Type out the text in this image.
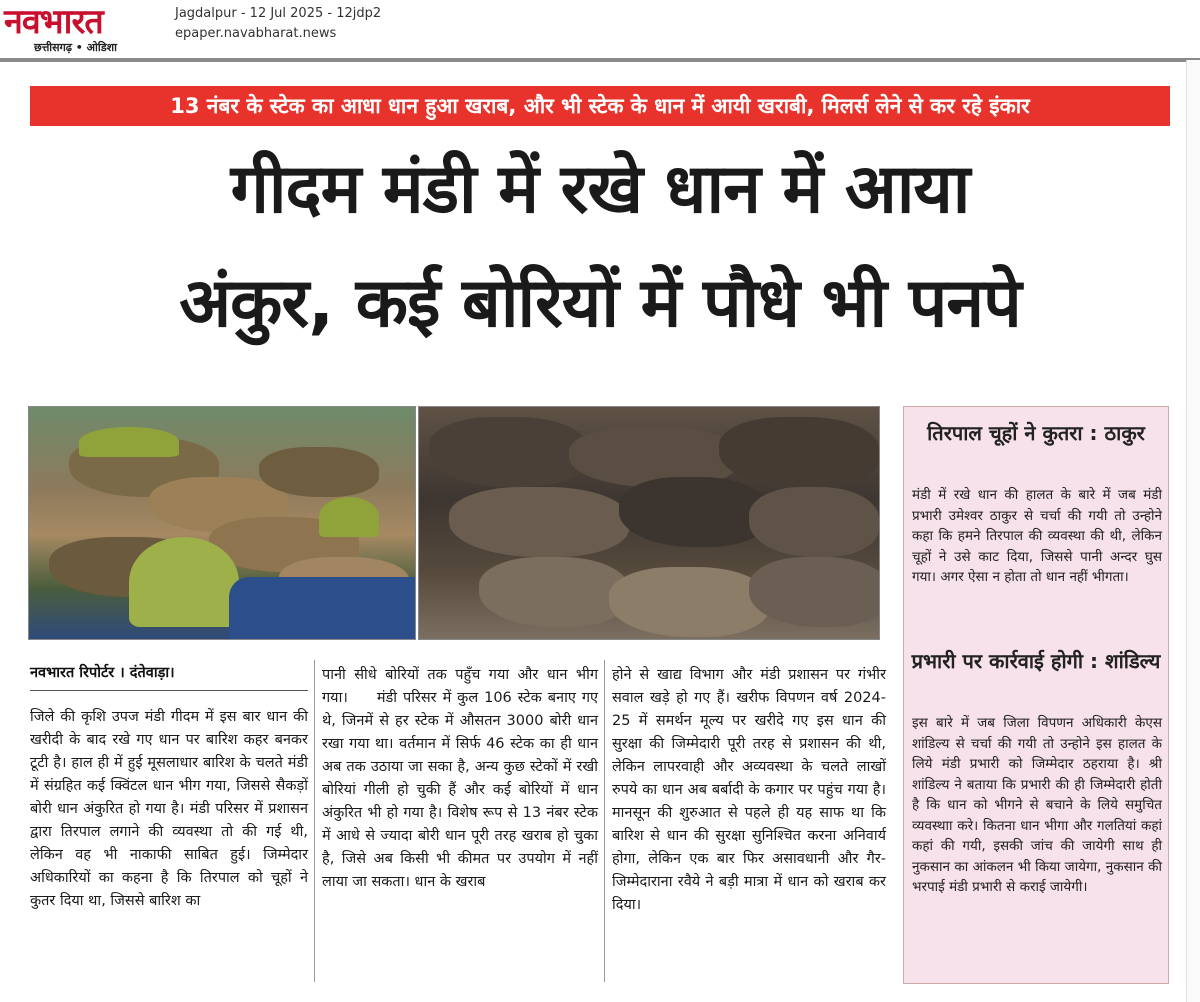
नवभारत
छत्तीसगढ़ • ओडिशा
Jagdalpur - 12 Jul 2025 - 12jdp2
epaper.navabharat.news
13 नंबर के स्टेक का आधा धान हुआ खराब, और भी स्टेक के धान में आयी खराबी, मिलर्स लेने से कर रहे इंकार
गीदम मंडी में रखे धान में आया
अंकुर, कई बोरियों में पौधे भी पनपे
तिरपाल चूहों ने कुतरा : ठाकुर
मंडी में रखे धान की हालत के बारे में जब मंडी प्रभारी उमेश्वर ठाकुर से चर्चा की गयी तो उन्होने कहा कि हमने तिरपाल की व्यवस्था की थी, लेकिन चूहों ने उसे काट दिया, जिससे पानी अन्दर घुस गया। अगर ऐसा न होता तो धान नहीं भीगता।
प्रभारी पर कार्रवाई होगी : शांडिल्य
इस बारे में जब जिला विपणन अधिकारी केएस शांडिल्य से चर्चा की गयी तो उन्होने इस हालत के लिये मंडी प्रभारी को जिम्मेदार ठहराया है। श्री शांडिल्य ने बताया कि प्रभारी की ही जिम्मेदारी होती है कि धान को भीगने से बचाने के लिये समुचित व्यवस्थाा करे। कितना धान भीगा और गलतियां कहां कहां की गयी, इसकी जांच की जायेगी साथ ही नुकसान का आंकलन भी किया जायेगा, नुकसान की भरपाई मंडी प्रभारी से कराई जायेगी।
नवभारत रिपोर्टर । दंतेवाड़ा।
जिले की कृशि उपज मंडी गीदम में इस बार धान की खरीदी के बाद रखे गए धान पर बारिश कहर बनकर टूटी है। हाल ही में हुई मूसलाधार बारिश के चलते मंडी में संग्रहित कई क्विंटल धान भीग गया, जिससे सैकड़ों बोरी धान अंकुरित हो गया है। मंडी परिसर में प्रशासन द्वारा तिरपाल लगाने की व्यवस्था तो की गई थी, लेकिन वह भी नाकाफी साबित हुई। जिम्मेदार अधिकारियों का कहना है कि तिरपाल को चूहों ने कुतर दिया था, जिससे बारिश का
पानी सीधे बोरियों तक पहुँच गया और धान भीग गया।  मंडी परिसर में कुल 106 स्टेक बनाए गए थे, जिनमें से हर स्टेक में औसतन 3000 बोरी धान रखा गया था। वर्तमान में सिर्फ 46 स्टेक का ही धान अब तक उठाया जा सका है, अन्य कुछ स्टेकों में रखी बोरियां गीली हो चुकी हैं और कई बोरियों में धान अंकुरित भी हो गया है। विशेष रूप से 13 नंबर स्टेक में आधे से ज्यादा बोरी धान पूरी तरह खराब हो चुका है, जिसे अब किसी भी कीमत पर उपयोग में नहीं लाया जा सकता। धान के खराब
होने से खाद्य विभाग और मंडी प्रशासन पर गंभीर सवाल खड़े हो गए हैं। खरीफ विपणन वर्ष 2024-25 में समर्थन मूल्य पर खरीदे गए इस धान की सुरक्षा की जिम्मेदारी पूरी तरह से प्रशासन की थी, लेकिन लापरवाही और अव्यवस्था के चलते लाखों रुपये का धान अब बर्बादी के कगार पर पहुंच गया है। मानसून की शुरुआत से पहले ही यह साफ था कि बारिश से धान की सुरक्षा सुनिश्चित करना अनिवार्य होगा, लेकिन एक बार फिर असावधानी और गैर-जिम्मेदाराना रवैये ने बड़ी मात्रा में धान को खराब कर दिया।
